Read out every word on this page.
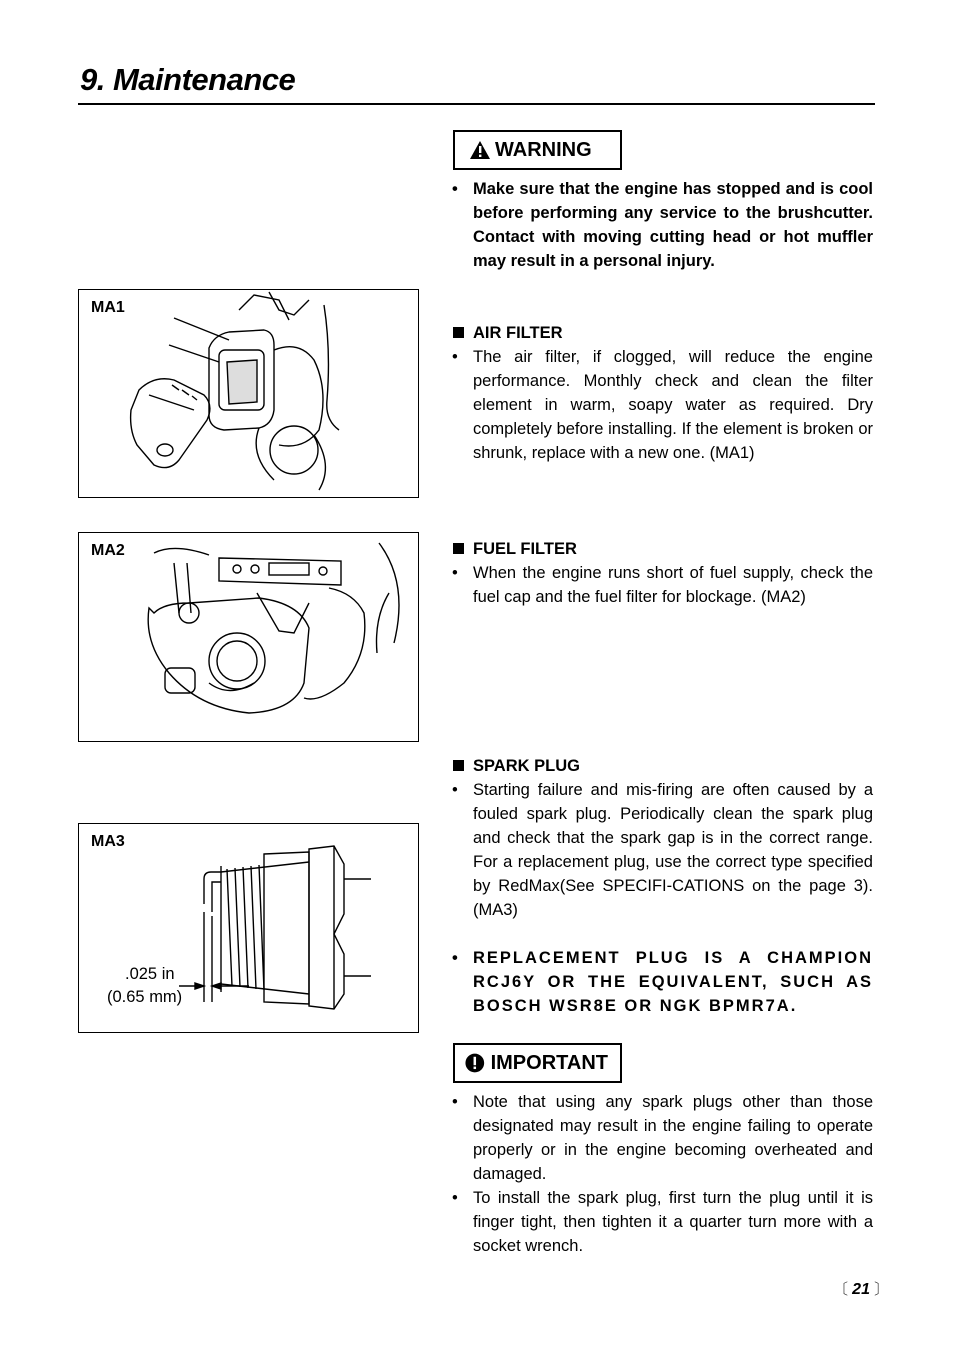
9. Maintenance
MA1
MA2
MA3
.025 in
(0.65 mm)
WARNING
• Make sure that the engine has stopped and is cool before performing any service to the brushcutter. Contact with moving cutting head or hot muffler may result in a personal injury.
AIR FILTER
• The air filter, if clogged, will reduce the engine performance. Monthly check and clean the filter element in warm, soapy water as required. Dry completely before installing. If the element is broken or shrunk, replace with a new one. (MA1)
FUEL FILTER
• When the engine runs short of fuel supply, check the fuel cap and the fuel filter for blockage. (MA2)
SPARK PLUG
• Starting failure and mis-firing are often caused by a fouled spark plug. Periodically clean the spark plug and check that the spark gap is in the correct range. For a replacement plug, use the correct type specified by RedMax(See SPECIFI-CATIONS on the page 3). (MA3)
• REPLACEMENT PLUG IS A CHAMPION RCJ6Y OR THE EQUIVALENT, SUCH AS BOSCH WSR8E OR NGK BPMR7A.
IMPORTANT
• Note that using any spark plugs other than those designated may result in the engine failing to operate properly or in the engine becoming overheated and damaged.
• To install the spark plug, first turn the plug until it is finger tight, then tighten it a quarter turn more with a socket wrench.
〔 21 〕
